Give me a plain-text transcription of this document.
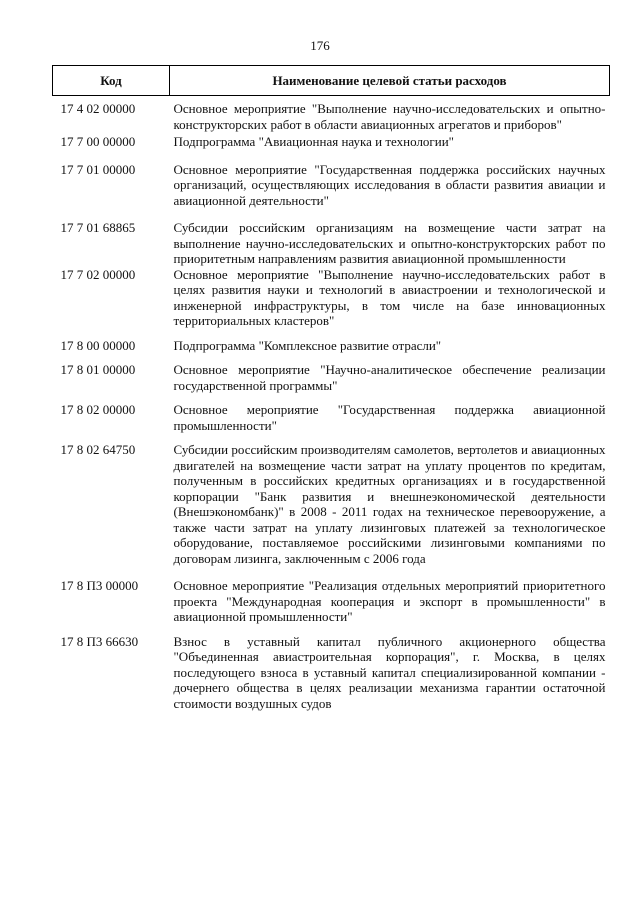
176
Код	Наименование целевой статьи расходов
17 4 02 00000	Основное мероприятие "Выполнение научно-исследовательских и опытно-конструкторских работ в области авиационных агрегатов и приборов"
17 7 00 00000	Подпрограмма "Авиационная наука и технологии"
17 7 01 00000	Основное мероприятие "Государственная поддержка российских научных организаций, осуществляющих исследования в области развития авиации и авиационной деятельности"
17 7 01 68865	Субсидии российским организациям на возмещение части затрат на выполнение научно-исследовательских и опытно-конструкторских работ по приоритетным направлениям развития авиационной промышленности
17 7 02 00000	Основное мероприятие "Выполнение научно-исследовательских работ в целях развития науки и технологий в авиастроении и технологической и инженерной инфраструктуры, в том числе на базе инновационных территориальных кластеров"
17 8 00 00000	Подпрограмма "Комплексное развитие отрасли"
17 8 01 00000	Основное мероприятие "Научно-аналитическое обеспечение реализации государственной программы"
17 8 02 00000	Основное мероприятие "Государственная поддержка авиационной промышленности"
17 8 02 64750	Субсидии российским производителям самолетов, вертолетов и авиационных двигателей на возмещение части затрат на уплату процентов по кредитам, полученным в российских кредитных организациях и в государственной корпорации "Банк развития и внешнеэкономической деятельности (Внешэкономбанк)" в 2008 - 2011 годах на техническое перевооружение, а также части затрат на уплату лизинговых платежей за технологическое оборудование, поставляемое российскими лизинговыми компаниями по договорам лизинга, заключенным с 2006 года
17 8 П3 00000	Основное мероприятие "Реализация отдельных мероприятий приоритетного проекта "Международная кооперация и экспорт в промышленности" в авиационной промышленности"
17 8 П3 66630	Взнос в уставный капитал публичного акционерного общества "Объединенная авиастроительная корпорация", г. Москва, в целях последующего взноса в уставный капитал специализированной компании - дочернего общества в целях реализации механизма гарантии остаточной стоимости воздушных судов
